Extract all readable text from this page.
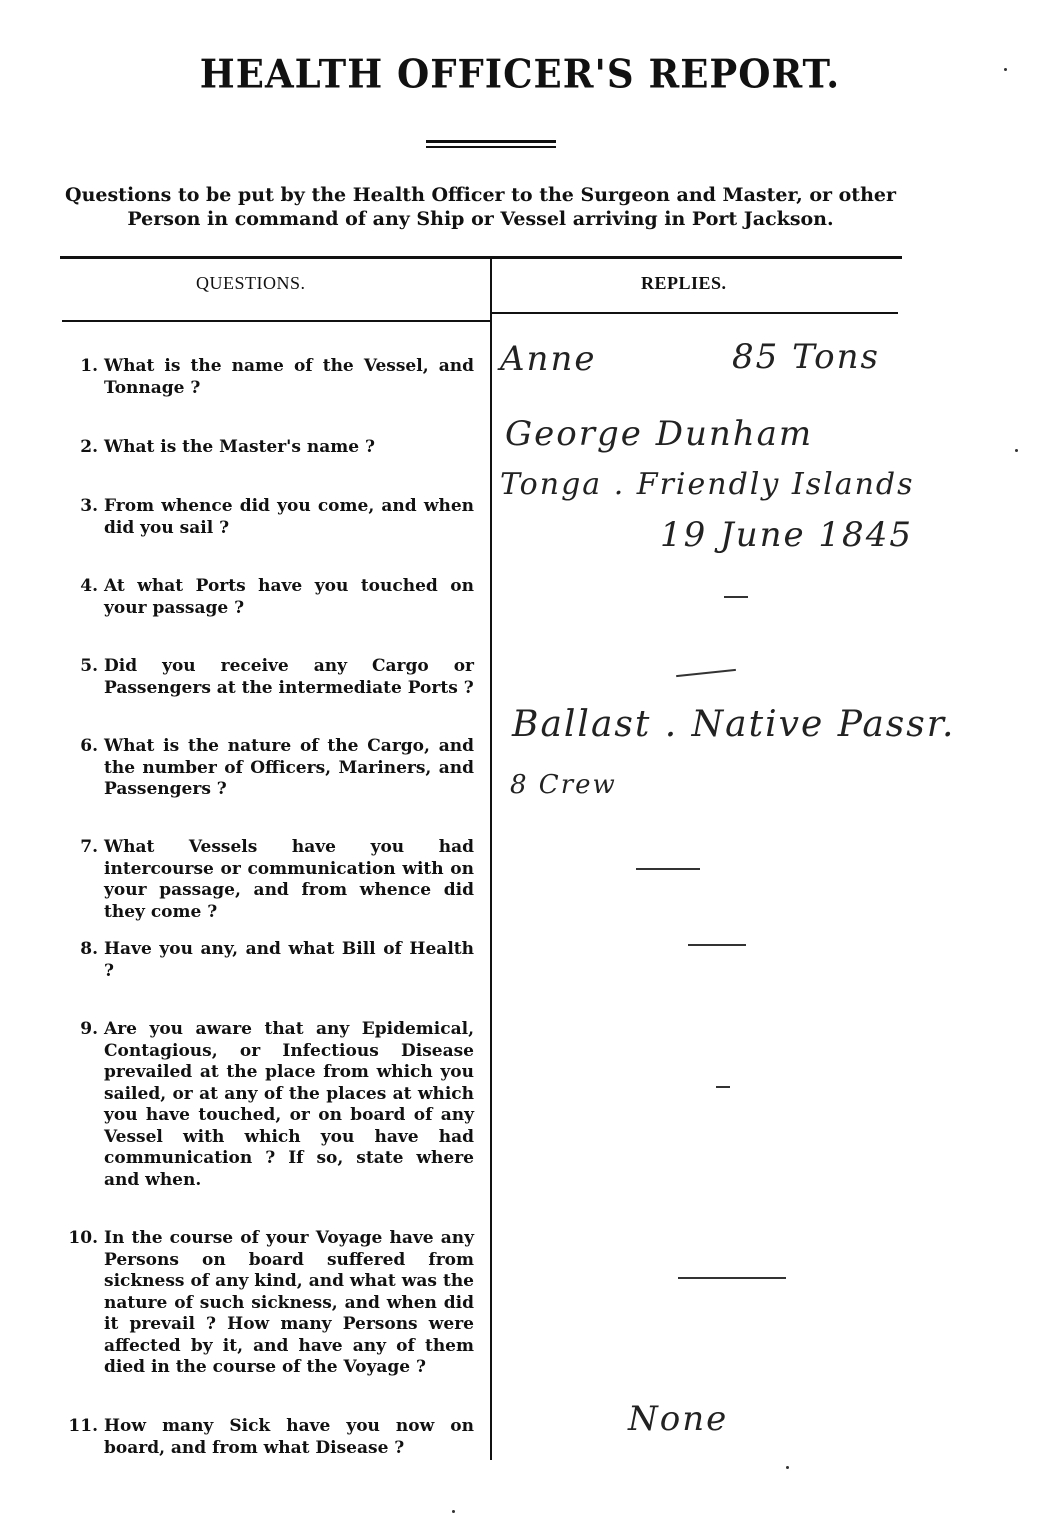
HEALTH OFFICER'S REPORT.
Questions to be put by the Health Officer to the Surgeon and Master, or other Person in command of any Ship or Vessel arriving in Port Jackson.
QUESTIONS.	REPLIES.
1. What is the name of the Vessel, and Tonnage ?
2. What is the Master's name ?
3. From whence did you come, and when did you sail ?
4. At what Ports have you touched on your passage ?
5. Did you receive any Cargo or Passengers at the intermediate Ports ?
6. What is the nature of the Cargo, and the number of Officers, Mariners, and Passengers ?
7. What Vessels have you had intercourse or communication with on your passage, and from whence did they come ?
8. Have you any, and what Bill of Health ?
9. Are you aware that any Epidemical, Contagious, or Infectious Disease prevailed at the place from which you sailed, or at any of the places at which you have touched, or on board of any Vessel with which you have had communication ? If so, state where and when.
10. In the course of your Voyage have any Persons on board suffered from sickness of any kind, and what was the nature of such sickness, and when did it prevail ? How many Persons were affected by it, and have any of them died in the course of the Voyage ?
11. How many Sick have you now on board, and from what Disease ?
Anne	85 Tons
George Dunham
Tonga . Friendly Islands
19 June 1845
Ballast . Native Passr.
8 Crew
None
